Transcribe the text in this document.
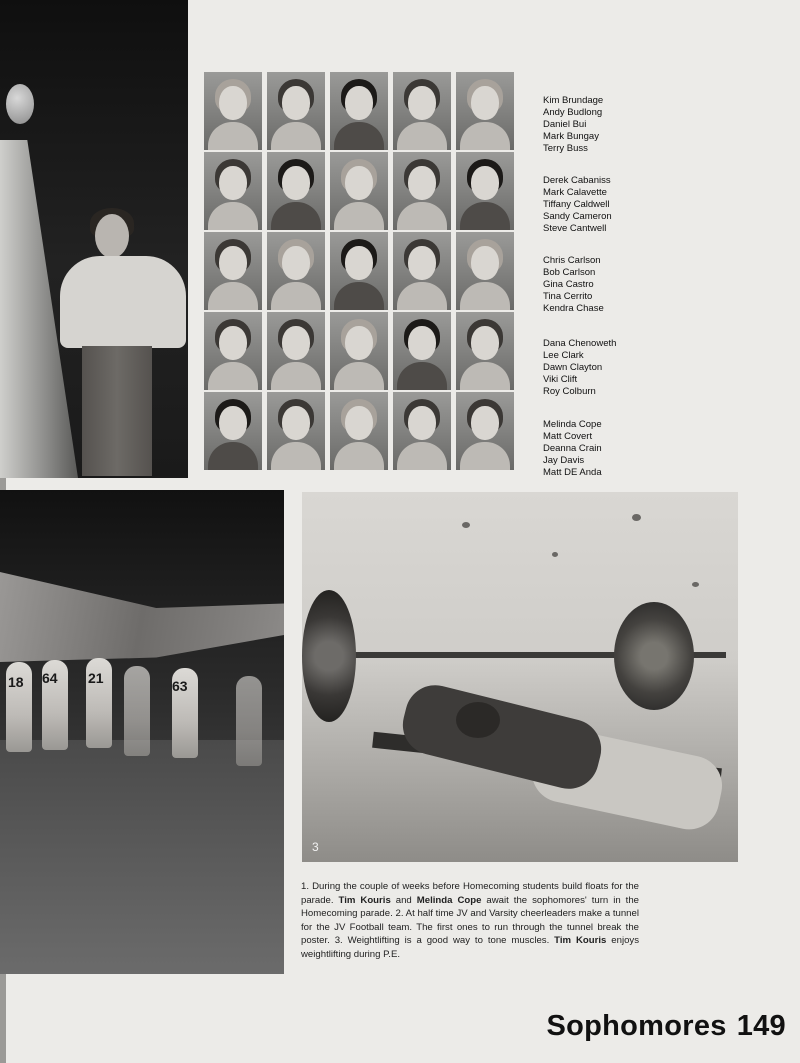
Kim Brundage
Andy Budlong
Daniel Bui
Mark Bungay
Terry Buss
Derek Cabaniss
Mark Calavette
Tiffany Caldwell
Sandy Cameron
Steve Cantwell
Chris Carlson
Bob Carlson
Gina Castro
Tina Cerrito
Kendra Chase
Dana Chenoweth
Lee Clark
Dawn Clayton
Viki Clift
Roy Colburn
Melinda Cope
Matt Covert
Deanna Crain
Jay Davis
Matt DE Anda
64 21
18	63
3

1. During the couple of weeks before Homecoming students build floats for the parade. Tim Kouris and Melinda Cope await the sophomores' turn in the Homecoming parade. 2. At half time JV and Varsity cheerleaders make a tunnel for the JV Football team. The first ones to run through the tunnel break the poster. 3. Weightlifting is a good way to tone muscles. Tim Kouris enjoys weightlifting during P.E.

Sophomores 149
